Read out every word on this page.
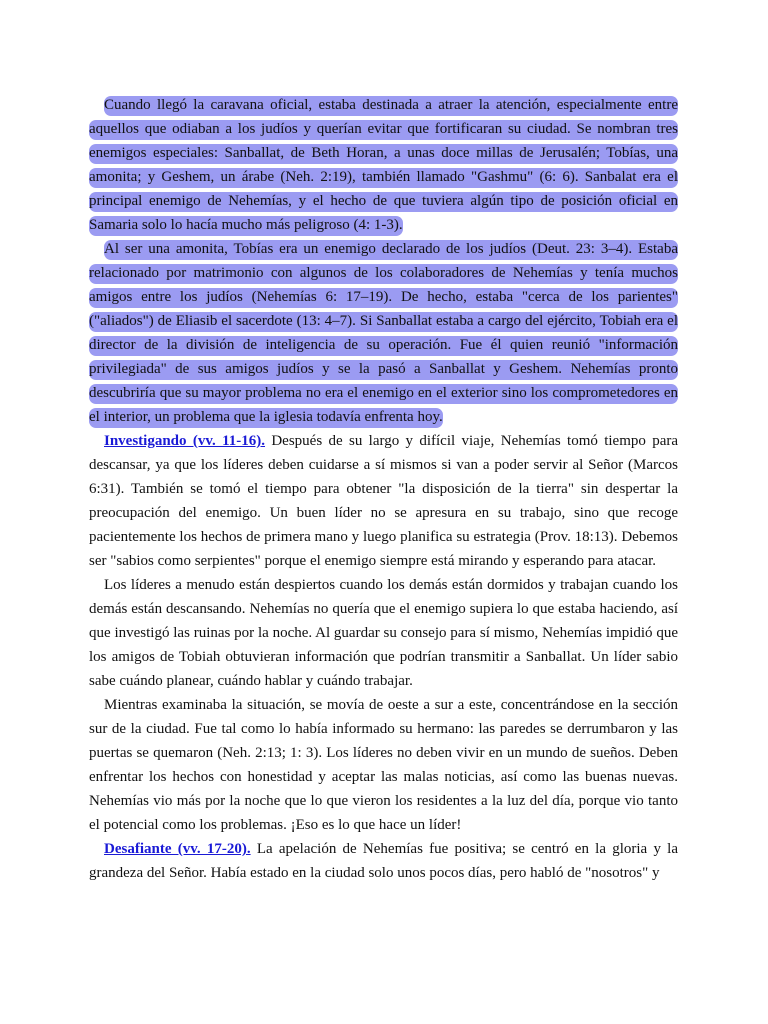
Cuando llegó la caravana oficial, estaba destinada a atraer la atención, especialmente entre aquellos que odiaban a los judíos y querían evitar que fortificaran su ciudad. Se nombran tres enemigos especiales: Sanballat, de Beth Horan, a unas doce millas de Jerusalén; Tobías, una amonita; y Geshem, un árabe (Neh. 2:19), también llamado "Gashmu" (6: 6). Sanbalat era el principal enemigo de Nehemías, y el hecho de que tuviera algún tipo de posición oficial en Samaria solo lo hacía mucho más peligroso (4: 1-3).

Al ser una amonita, Tobías era un enemigo declarado de los judíos (Deut. 23: 3–4). Estaba relacionado por matrimonio con algunos de los colaboradores de Nehemías y tenía muchos amigos entre los judíos (Nehemías 6: 17–19). De hecho, estaba "cerca de los parientes" ("aliados") de Eliasib el sacerdote (13: 4–7). Si Sanballat estaba a cargo del ejército, Tobiah era el director de la división de inteligencia de su operación. Fue él quien reunió "información privilegiada" de sus amigos judíos y se la pasó a Sanballat y Geshem. Nehemías pronto descubriría que su mayor problema no era el enemigo en el exterior sino los comprometedores en el interior, un problema que la iglesia todavía enfrenta hoy.

Investigando (vv. 11-16). Después de su largo y difícil viaje, Nehemías tomó tiempo para descansar, ya que los líderes deben cuidarse a sí mismos si van a poder servir al Señor (Marcos 6:31). También se tomó el tiempo para obtener "la disposición de la tierra" sin despertar la preocupación del enemigo. Un buen líder no se apresura en su trabajo, sino que recoge pacientemente los hechos de primera mano y luego planifica su estrategia (Prov. 18:13). Debemos ser "sabios como serpientes" porque el enemigo siempre está mirando y esperando para atacar.

Los líderes a menudo están despiertos cuando los demás están dormidos y trabajan cuando los demás están descansando. Nehemías no quería que el enemigo supiera lo que estaba haciendo, así que investigó las ruinas por la noche. Al guardar su consejo para sí mismo, Nehemías impidió que los amigos de Tobiah obtuvieran información que podrían transmitir a Sanballat. Un líder sabio sabe cuándo planear, cuándo hablar y cuándo trabajar.

Mientras examinaba la situación, se movía de oeste a sur a este, concentrándose en la sección sur de la ciudad. Fue tal como lo había informado su hermano: las paredes se derrumbaron y las puertas se quemaron (Neh. 2:13; 1: 3). Los líderes no deben vivir en un mundo de sueños. Deben enfrentar los hechos con honestidad y aceptar las malas noticias, así como las buenas nuevas. Nehemías vio más por la noche que lo que vieron los residentes a la luz del día, porque vio tanto el potencial como los problemas. ¡Eso es lo que hace un líder!

Desafiante (vv. 17-20). La apelación de Nehemías fue positiva; se centró en la gloria y la grandeza del Señor. Había estado en la ciudad solo unos pocos días, pero habló de "nosotros" y
